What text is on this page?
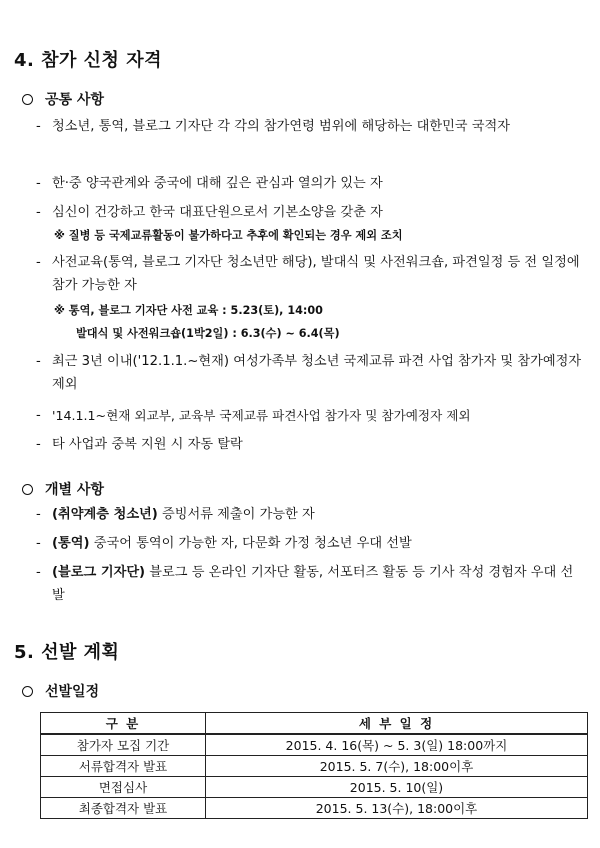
4. 참가 신청 자격
공통 사항
- 청소년, 통역, 블로그 기자단 각 각의 참가연령 범위에 해당하는 대한민국 국적자
- 한·중 양국관계와 중국에 대해 깊은 관심과 열의가 있는 자
- 심신이 건강하고 한국 대표단원으로서 기본소양을 갖춘 자
※ 질병 등 국제교류활동이 불가하다고 추후에 확인되는 경우 제외 조치
- 사전교육(통역, 블로그 기자단 청소년만 해당), 발대식 및 사전워크숍, 파견일정 등 전 일정에 참가 가능한 자
※ 통역, 블로그 기자단 사전 교육 : 5.23(토), 14:00
발대식 및 사전워크숍(1박2일) : 6.3(수) ~ 6.4(목)
- 최근 3년 이내('12.1.1.~현재) 여성가족부 청소년 국제교류 파견 사업 참가자 및 참가예정자 제외
- '14.1.1~현재 외교부, 교육부 국제교류 파견사업 참가자 및 참가예정자 제외
- 타 사업과 중복 지원 시 자동 탈락
개별 사항
- (취약계층 청소년) 증빙서류 제출이 가능한 자
- (통역) 중국어 통역이 가능한 자, 다문화 가정 청소년 우대 선발
- (블로그 기자단) 블로그 등 온라인 기자단 활동, 서포터즈 활동 등 기사 작성 경험자 우대 선발
5. 선발 계획
선발일정
구 분	세 부 일 정
참가자 모집 기간	2015. 4. 16(목) ~ 5. 3(일) 18:00까지
서류합격자 발표	2015. 5. 7(수), 18:00이후
면접심사	2015. 5. 10(일)
최종합격자 발표	2015. 5. 13(수), 18:00이후
